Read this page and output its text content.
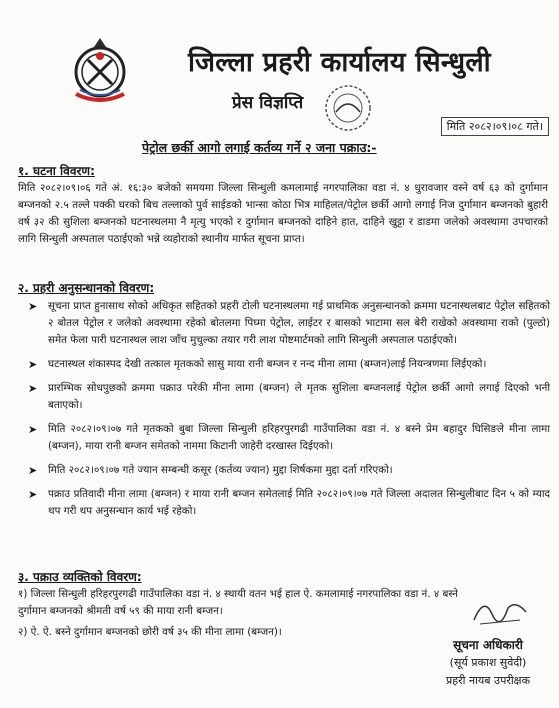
जिल्ला प्रहरी कार्यालय सिन्धुली
प्रेस विज्ञप्ति
मिति २०८२।०९।०८ गते।
पेट्रोल छर्की आगो लगाई कर्तव्य गर्ने २ जना पक्राउ:-
१. घटना विवरण:
मिति २०८२।०९।०६ गते अं. १६:३० बजेको समयमा जिल्ला सिन्धुली कमलामाई नगरपालिका वडा नं. ४ धुरावजार वस्ने वर्ष ६३ को दुर्गामान बम्जनको २.५ तल्ले पक्की घरको बिच तल्लाको पुर्व साईडको भान्सा कोठा भित्र माहिलत/पेट्रोल छर्की आगो लगाई निज दुर्गामान बम्जनको बुहारी वर्ष ३२ की सुशिला बम्जनको घटनास्थलमा नै मृत्यु भएको र दुर्गामान बम्जनको दाहिने हात, दाहिने खुट्टा र डाडमा जलेको अवस्थामा उपचारको लागि सिन्धुली अस्पताल पठाईएको भन्ने व्यहोराको स्थानीय मार्फत सूचना प्राप्त।
२. प्रहरी अनुसन्धानको विवरण:
➤ सूचना प्राप्त हुनासाथ सोको अधिकृत सहितको प्रहरी टोली घटनास्थलमा गई प्राथमिक अनुसन्धानको क्रममा घटनास्थलबाट पेट्रोल सहितको २ बोतल पेट्रोल र जलेको अवस्थामा रहेको बोतलमा पिघ्मा पेट्रोल, लाईटर र बासको भाटामा सल बेरी राखेको अवस्थामा राको (पुल्ठो) समेत फेला पारी घटनास्थल लाश जाँच मुचुल्का तयार गरी लाश पोष्टमार्टमको लागि सिन्धुली अस्पताल पठाईएको।
➤ घटनास्थल शंकास्पद देखी तत्काल मृतकको सासु माया रानी बम्जन र नन्द मीना लामा (बम्जन)लाई नियन्त्रणमा लिईएको।
➤ प्रारम्भिक सोधपुछको क्रममा पक्राउ परेकी मीना लामा (बम्जन) ले मृतक सुशिला बम्जनलाई पेट्रोल छर्की आगो लगाई दिएको भनी बताएको।
➤ मिति २०८२।०९।०७ गते मृतकको बुबा जिल्ला सिन्धुली हरिहरपुरगढी गाउँपालिका वडा नं. ४ बस्ने प्रेम बहादुर घिसिङले मीना लामा (बम्जन), माया रानी बम्जन समेतको नाममा किटानी जाहेरी दरखास्त दिईएको।
➤ मिति २०८२।०९।०७ गते ज्यान सम्बन्धी कसूर (कर्तव्य ज्यान) मुद्दा शिर्षकमा मुद्दा दर्ता गरिएको।
➤ पक्राउ प्रतिवादी मीना लामा (बम्जन) र माया रानी बम्जन समेतलाई मिति २०८२।०९।०७ गते जिल्ला अदालत सिन्धुलीबाट दिन ५ को म्याद थप गरी थप अनुसन्धान कार्य भई रहेको।
३. पक्राउ व्यक्तिको विवरण:
१) जिल्ला सिन्धुली हरिहरपुरगढी गाउँपालिका वडा नं. ४ स्थायी वतन भई हाल ऐ. कमलामाई नगरपालिका वडा नं. ४ बस्ने दुर्गामान बम्जनको श्रीमती वर्ष ५९ की माया रानी बम्जन।
२) ऐ. ऐ. बस्ने दुर्गामान बम्जनको छोरी वर्ष ३५ की मीना लामा (बम्जन)।
सूचना अधिकारी
(सूर्य प्रकाश सुवेदी)
प्रहरी नायब उपरीक्षक
